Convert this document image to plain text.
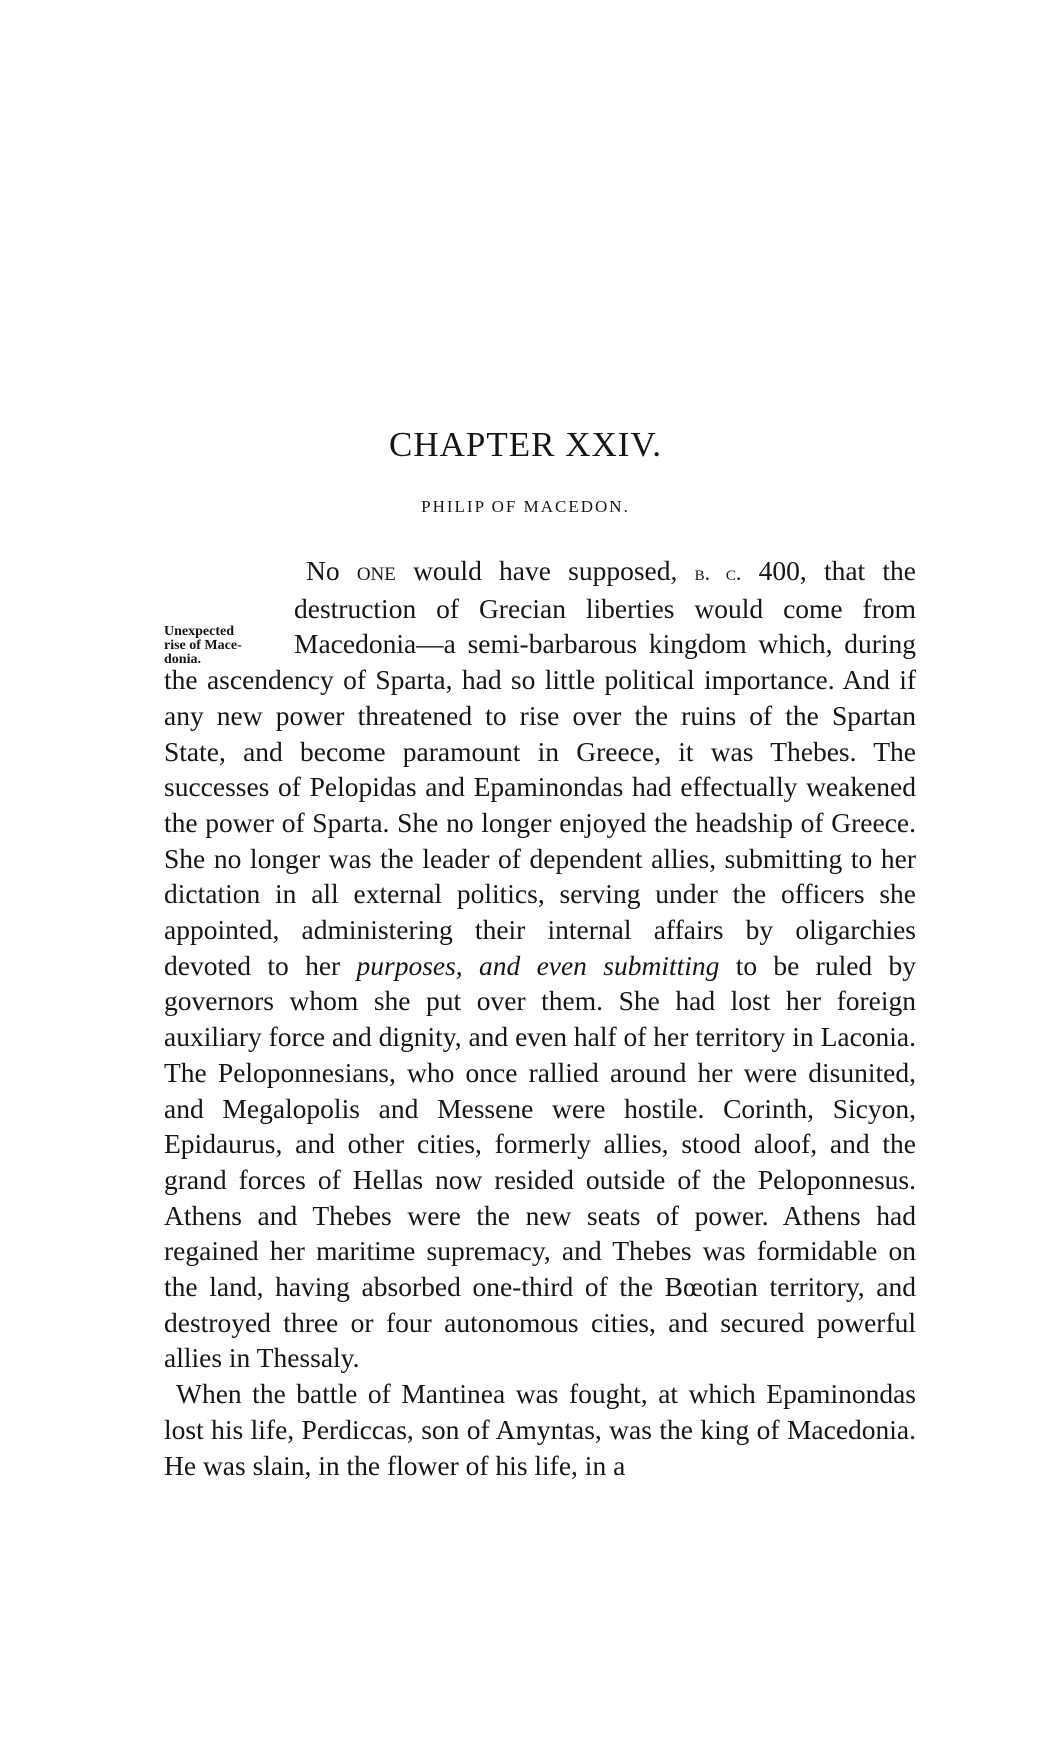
CHAPTER XXIV.
PHILIP OF MACEDON.
Unexpected
rise of Mace-
donia.

No one would have supposed, b. c. 400, that the destruction of Grecian liberties would come from Macedonia—a semi-barbarous kingdom which, during the ascendency of Sparta, had so little political importance. And if any new power threatened to rise over the ruins of the Spartan State, and become paramount in Greece, it was Thebes. The successes of Pelopidas and Epaminondas had effectually weakened the power of Sparta. She no longer enjoyed the headship of Greece. She no longer was the leader of dependent allies, submitting to her dictation in all external politics, serving under the officers she appointed, administering their internal affairs by oligarchies devoted to her purposes, and even submitting to be ruled by governors whom she put over them. She had lost her foreign auxiliary force and dignity, and even half of her territory in Laconia. The Peloponnesians, who once rallied around her were disunited, and Megalopolis and Messene were hostile. Corinth, Sicyon, Epidaurus, and other cities, formerly allies, stood aloof, and the grand forces of Hellas now resided outside of the Peloponnesus. Athens and Thebes were the new seats of power. Athens had regained her maritime supremacy, and Thebes was formidable on the land, having absorbed one-third of the Bœotian territory, and destroyed three or four autonomous cities, and secured powerful allies in Thessaly.

When the battle of Mantinea was fought, at which Epaminondas lost his life, Perdiccas, son of Amyntas, was the king of Macedonia. He was slain, in the flower of his life, in a
